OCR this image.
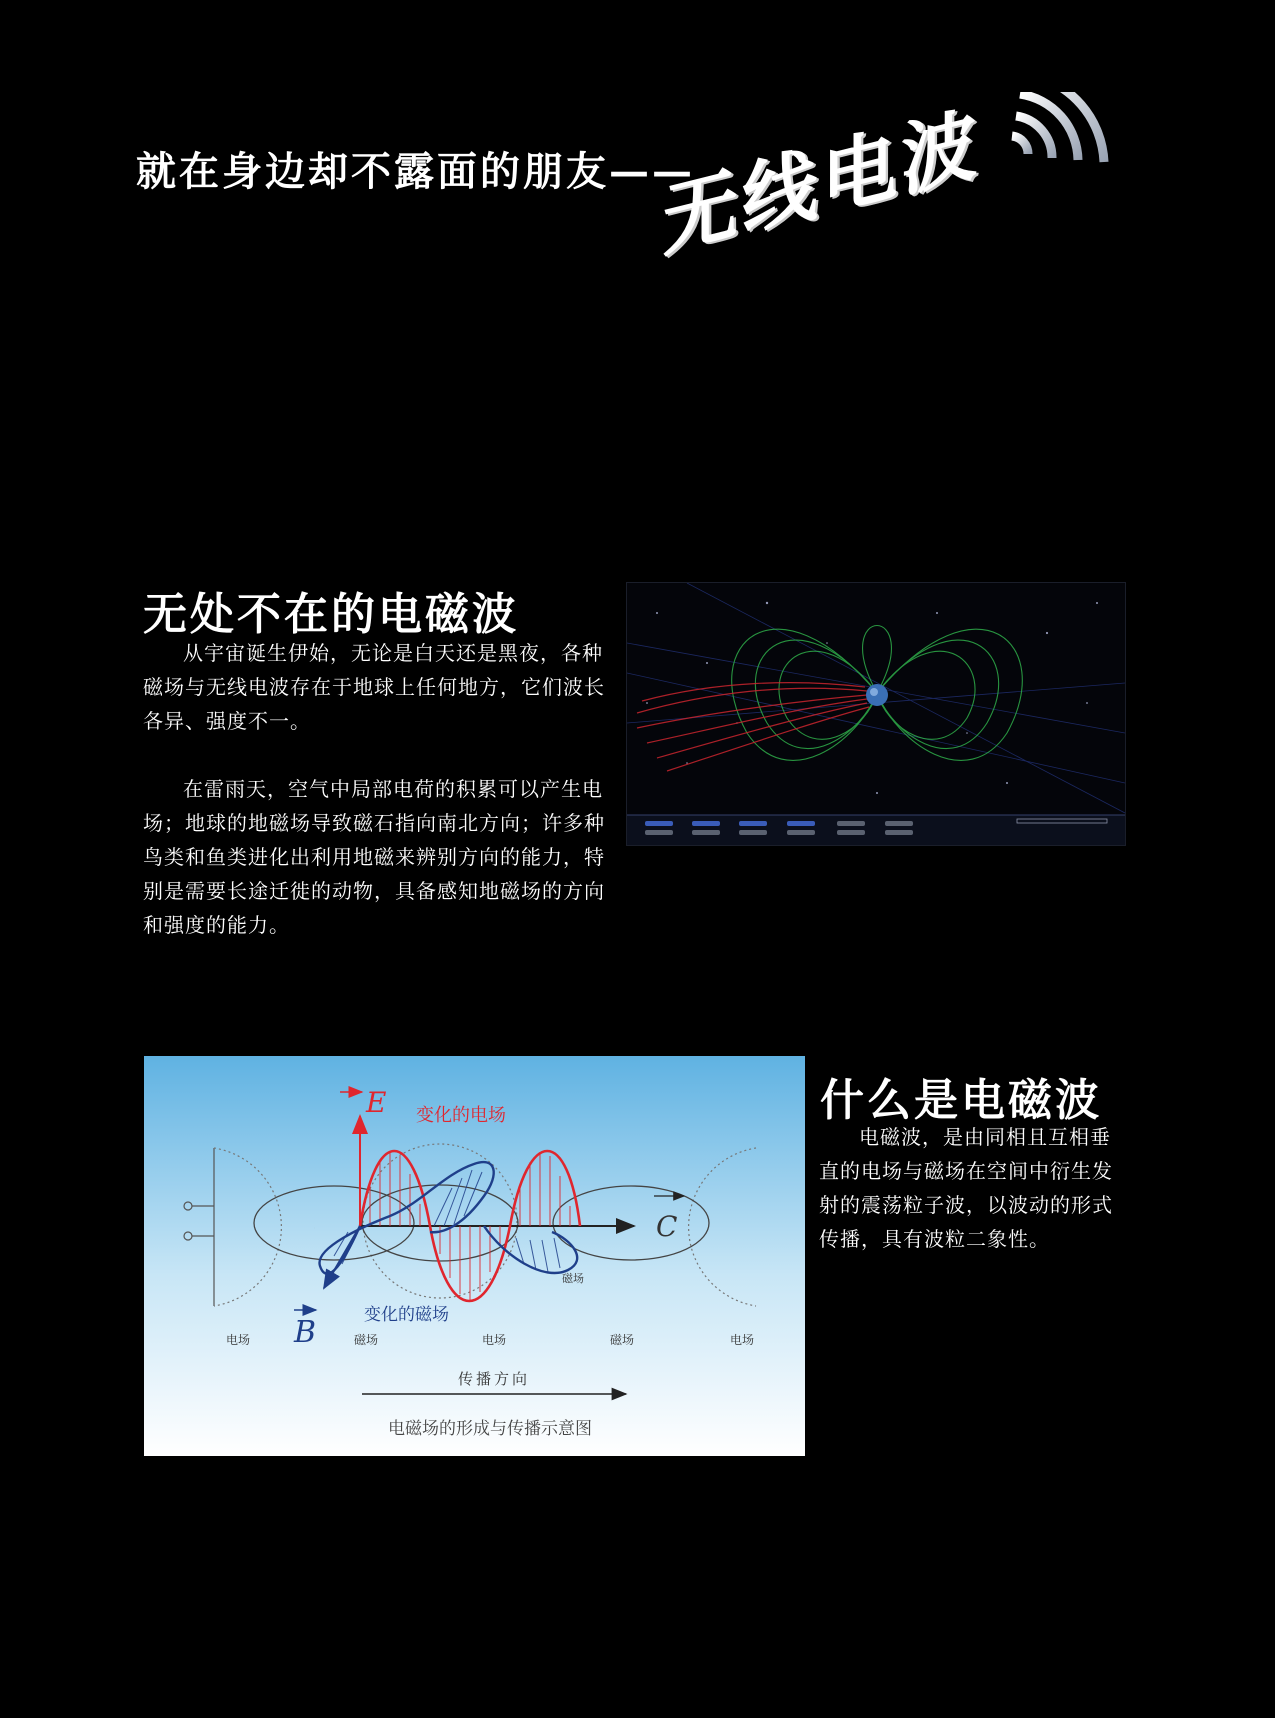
就在身边却不露面的朋友——
无线电波
无处不在的电磁波

从宇宙诞生伊始，无论是白天还是黑夜，各种磁场与无线电波存在于地球上任何地方，它们波长各异、强度不一。

在雷雨天，空气中局部电荷的积累可以产生电场；地球的地磁场导致磁石指向南北方向；许多种鸟类和鱼类进化出利用地磁来辨别方向的能力，特别是需要长途迁徙的动物，具备感知地磁场的方向和强度的能力。

E 变化的电场
C
B	变化的磁场
磁场
电场	磁场	电场	磁场	电场
传播方向
电磁场的形成与传播示意图
什么是电磁波

电磁波，是由同相且互相垂直的电场与磁场在空间中衍生发射的震荡粒子波，以波动的形式传播，具有波粒二象性。
